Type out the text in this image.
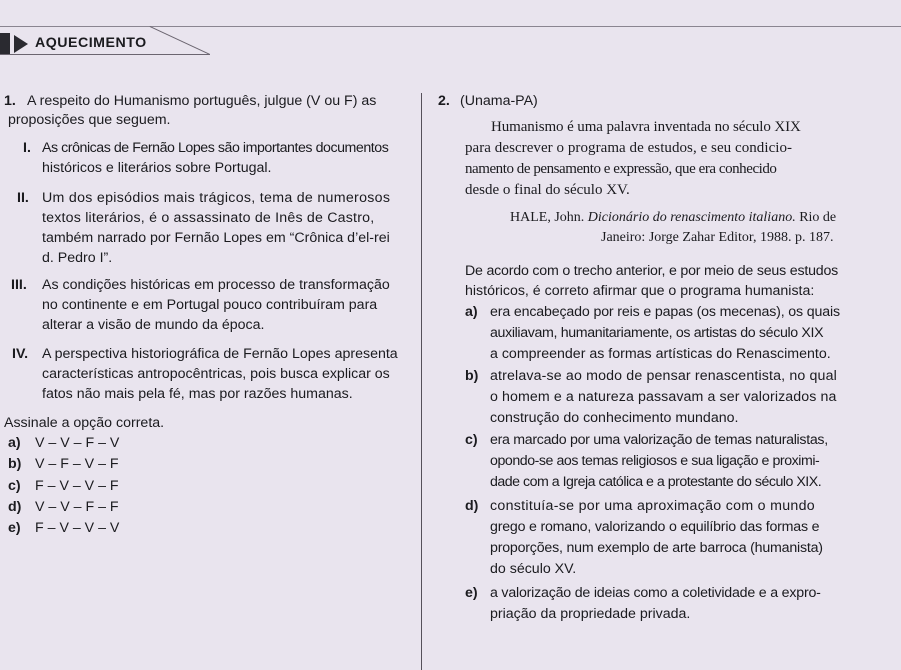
AQUECIMENTO
1. A respeito do Humanismo português, julgue (V ou F) as
proposições que seguem.
I. As crônicas de Fernão Lopes são importantes documentos
históricos e literários sobre Portugal.
II. Um dos episódios mais trágicos, tema de numerosos
textos literários, é o assassinato de Inês de Castro,
também narrado por Fernão Lopes em “Crônica d’el-rei
d. Pedro I”.
III. As condições históricas em processo de transformação
no continente e em Portugal pouco contribuíram para
alterar a visão de mundo da época.
IV. A perspectiva historiográfica de Fernão Lopes apresenta
características antropocêntricas, pois busca explicar os
fatos não mais pela fé, mas por razões humanas.
Assinale a opção correta.
a) V – V – F – V
b) V – F – V – F
c) F – V – V – F
d) V – V – F – F
e) F – V – V – V
2. (Unama-PA)
Humanismo é uma palavra inventada no século XIX
para descrever o programa de estudos, e seu condicio-
namento de pensamento e expressão, que era conhecido
desde o final do século XV.
HALE, John. Dicionário do renascimento italiano. Rio de
Janeiro: Jorge Zahar Editor, 1988. p. 187.
De acordo com o trecho anterior, e por meio de seus estudos
históricos, é correto afirmar que o programa humanista:
a) era encabeçado por reis e papas (os mecenas), os quais
auxiliavam, humanitariamente, os artistas do século XIX
a compreender as formas artísticas do Renascimento.
b) atrelava-se ao modo de pensar renascentista, no qual
o homem e a natureza passavam a ser valorizados na
construção do conhecimento mundano.
c) era marcado por uma valorização de temas naturalistas,
opondo-se aos temas religiosos e sua ligação e proximi-
dade com a Igreja católica e a protestante do século XIX.
d) constituía-se por uma aproximação com o mundo
grego e romano, valorizando o equilíbrio das formas e
proporções, num exemplo de arte barroca (humanista)
do século XV.
e) a valorização de ideias como a coletividade e a expro-
priação da propriedade privada.
